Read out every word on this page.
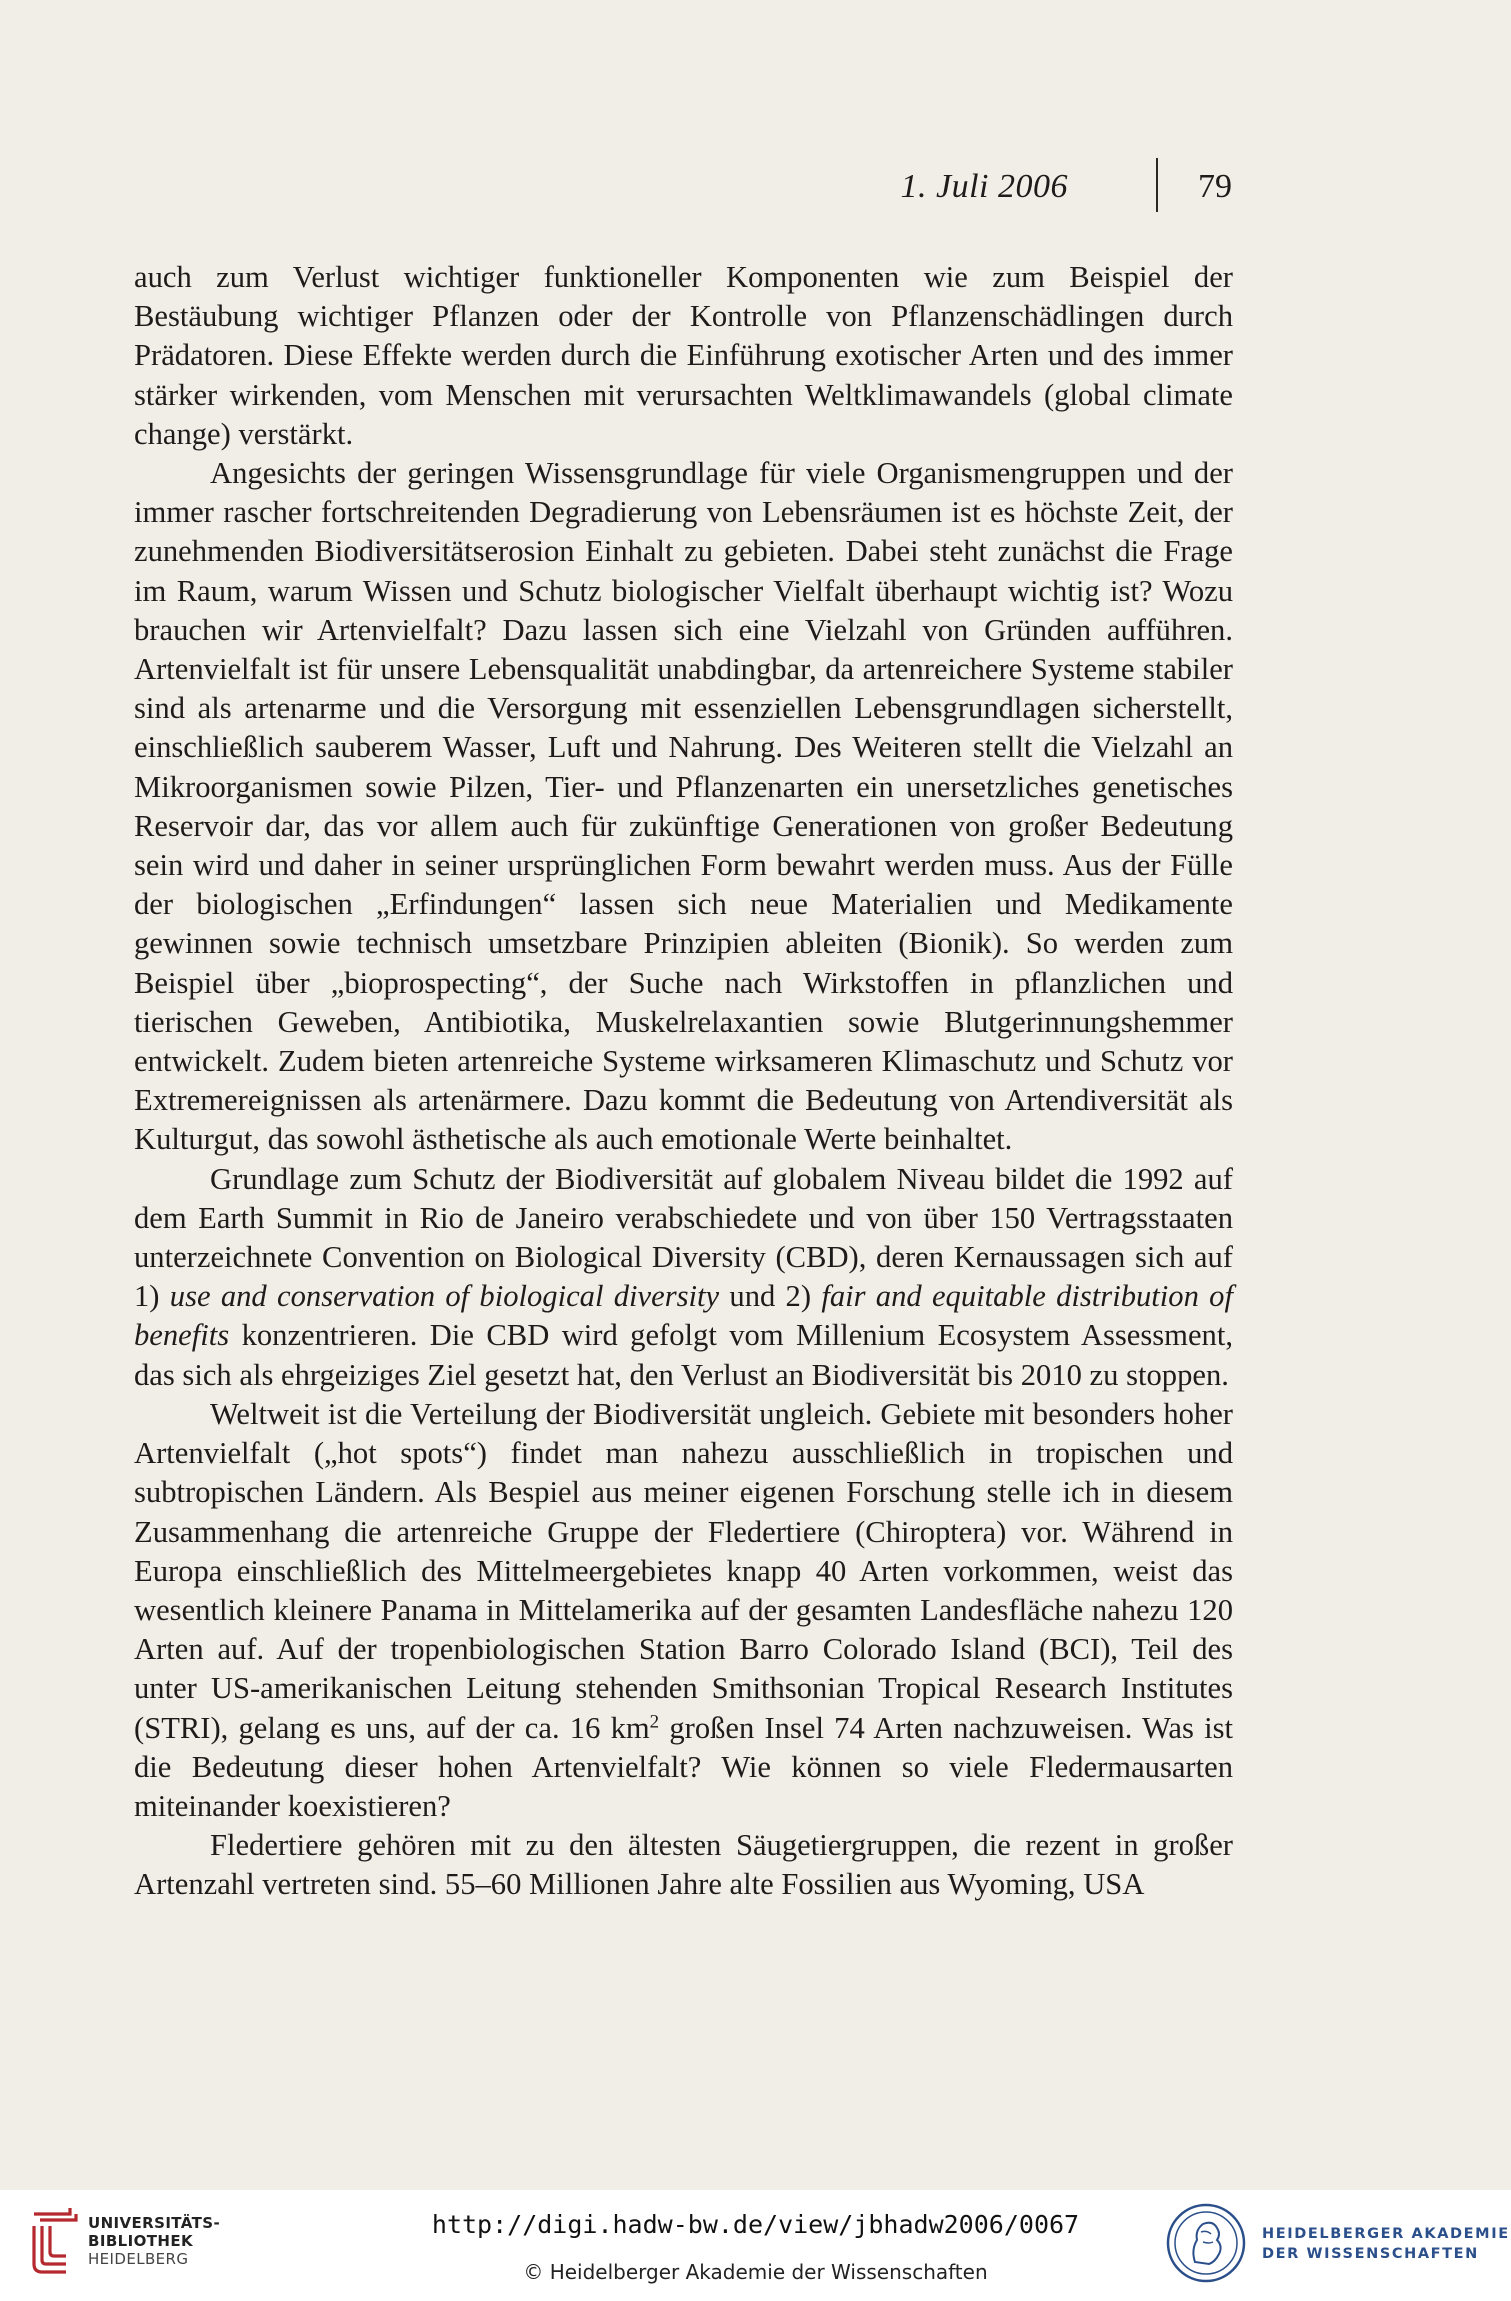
1. Juli 2006	79

auch zum Verlust wichtiger funktioneller Komponenten wie zum Beispiel der Bestäubung wichtiger Pflanzen oder der Kontrolle von Pflanzenschädlingen durch Prädatoren. Diese Effekte werden durch die Einführung exotischer Arten und des immer stärker wirkenden, vom Menschen mit verursachten Weltklimawandels (global climate change) verstärkt.

Angesichts der geringen Wissensgrundlage für viele Organismengruppen und der immer rascher fortschreitenden Degradierung von Lebensräumen ist es höchste Zeit, der zunehmenden Biodiversitätserosion Einhalt zu gebieten. Dabei steht zunächst die Frage im Raum, warum Wissen und Schutz biologischer Vielfalt überhaupt wichtig ist? Wozu brauchen wir Artenvielfalt? Dazu lassen sich eine Vielzahl von Gründen aufführen. Artenvielfalt ist für unsere Lebensqualität unabdingbar, da artenreichere Systeme stabiler sind als artenarme und die Versorgung mit essenziellen Lebensgrundlagen sicherstellt, einschließlich sauberem Wasser, Luft und Nahrung. Des Weiteren stellt die Vielzahl an Mikroorganismen sowie Pilzen, Tier- und Pflanzenarten ein unersetzliches genetisches Reservoir dar, das vor allem auch für zukünftige Generationen von großer Bedeutung sein wird und daher in seiner ursprünglichen Form bewahrt werden muss. Aus der Fülle der biologischen „Erfindungen“ lassen sich neue Materialien und Medikamente gewinnen sowie technisch umsetzbare Prinzipien ableiten (Bionik). So werden zum Beispiel über „bioprospecting“, der Suche nach Wirkstoffen in pflanzlichen und tierischen Geweben, Antibiotika, Muskelrelaxantien sowie Blutgerinnungshemmer entwickelt. Zudem bieten artenreiche Systeme wirksameren Klimaschutz und Schutz vor Extremereignissen als artenärmere. Dazu kommt die Bedeutung von Artendiversität als Kulturgut, das sowohl ästhetische als auch emotionale Werte beinhaltet.

Grundlage zum Schutz der Biodiversität auf globalem Niveau bildet die 1992 auf dem Earth Summit in Rio de Janeiro verabschiedete und von über 150 Vertragsstaaten unterzeichnete Convention on Biological Diversity (CBD), deren Kernaussagen sich auf 1) use and conservation of biological diversity und 2) fair and equitable distribution of benefits konzentrieren. Die CBD wird gefolgt vom Millenium Ecosystem Assessment, das sich als ehrgeiziges Ziel gesetzt hat, den Verlust an Biodiversität bis 2010 zu stoppen.

Weltweit ist die Verteilung der Biodiversität ungleich. Gebiete mit besonders hoher Artenvielfalt („hot spots“) findet man nahezu ausschließlich in tropischen und subtropischen Ländern. Als Bespiel aus meiner eigenen Forschung stelle ich in diesem Zusammenhang die artenreiche Gruppe der Fledertiere (Chiroptera) vor. Während in Europa einschließlich des Mittelmeergebietes knapp 40 Arten vorkommen, weist das wesentlich kleinere Panama in Mittelamerika auf der gesamten Landesfläche nahezu 120 Arten auf. Auf der tropenbiologischen Station Barro Colorado Island (BCI), Teil des unter US-amerikanischen Leitung stehenden Smithsonian Tropical Research Institutes (STRI), gelang es uns, auf der ca. 16 $km^2$ großen Insel 74 Arten nachzuweisen. Was ist die Bedeutung dieser hohen Artenvielfalt? Wie können so viele Fledermausarten miteinander koexistieren?

Fledertiere gehören mit zu den ältesten Säugetiergruppen, die rezent in großer Artenzahl vertreten sind. 55–60 Millionen Jahre alte Fossilien aus Wyoming, USA

UNIVERSITÄTS-
BIBLIOTHEK
HEIDELBERG
http://digi.hadw-bw.de/view/jbhadw2006/0067
© Heidelberger Akademie der Wissenschaften
HEIDELBERGER AKADEMIE
DER WISSENSCHAFTEN
